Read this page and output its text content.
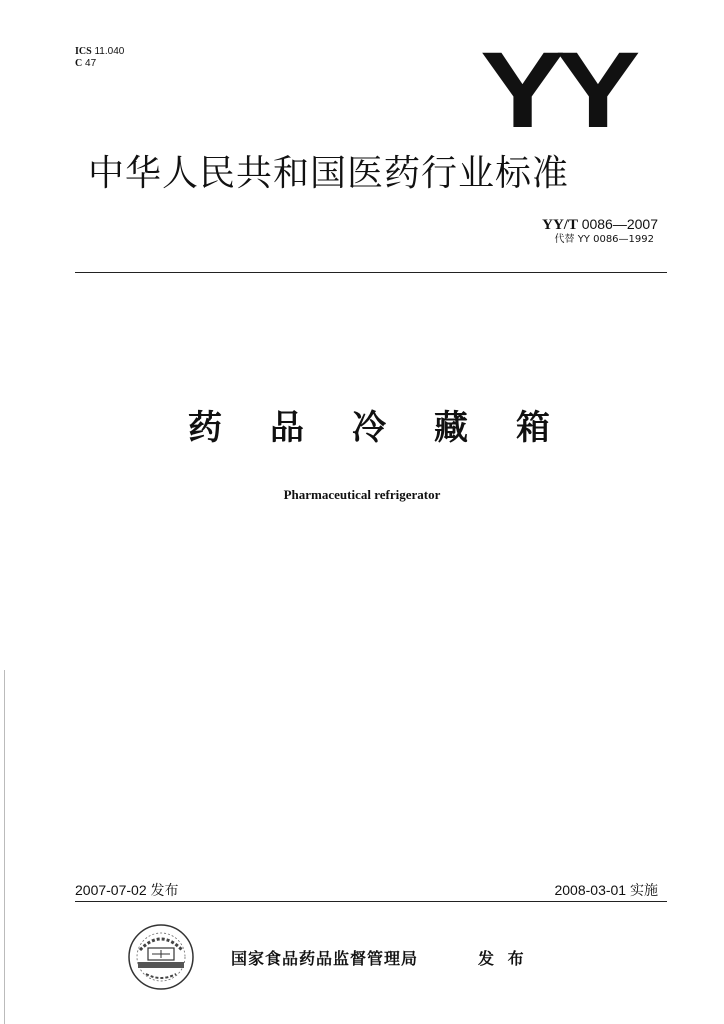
ICS 11.040
C 47	YY
中华人民共和国医药行业标准
YY/T 0086—2007
代替 YY 0086—1992
药 品 冷 藏 箱
Pharmaceutical refrigerator
2007-07-02 发布	2008-03-01 实施
国家食品药品监督管理局	发 布
